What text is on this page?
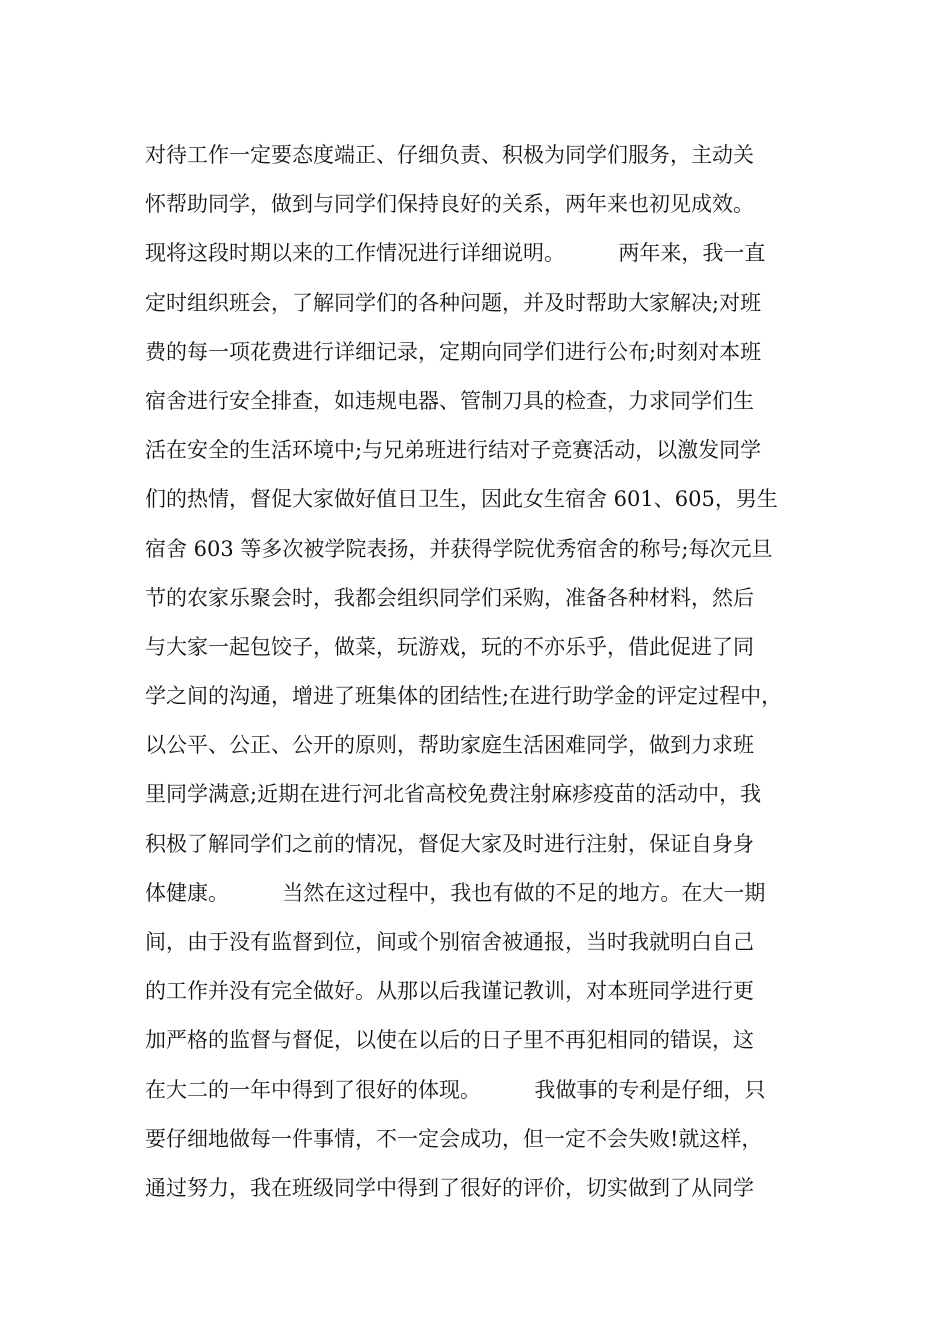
对待工作一定要态度端正、仔细负责、积极为同学们服务，主动关
怀帮助同学，做到与同学们保持良好的关系，两年来也初见成效。
现将这段时期以来的工作情况进行详细说明。        两年来，我一直
定时组织班会，了解同学们的各种问题，并及时帮助大家解决;对班
费的每一项花费进行详细记录，定期向同学们进行公布;时刻对本班
宿舍进行安全排查，如违规电器、管制刀具的检查，力求同学们生
活在安全的生活环境中;与兄弟班进行结对子竞赛活动，以激发同学
们的热情，督促大家做好值日卫生，因此女生宿舍 601、605，男生
宿舍 603 等多次被学院表扬，并获得学院优秀宿舍的称号;每次元旦
节的农家乐聚会时，我都会组织同学们采购，准备各种材料，然后
与大家一起包饺子，做菜，玩游戏，玩的不亦乐乎，借此促进了同
学之间的沟通，增进了班集体的团结性;在进行助学金的评定过程中，
以公平、公正、公开的原则，帮助家庭生活困难同学，做到力求班
里同学满意;近期在进行河北省高校免费注射麻疹疫苗的活动中，我
积极了解同学们之前的情况，督促大家及时进行注射，保证自身身
体健康。        当然在这过程中，我也有做的不足的地方。在大一期
间，由于没有监督到位，间或个别宿舍被通报，当时我就明白自己
的工作并没有完全做好。从那以后我谨记教训，对本班同学进行更
加严格的监督与督促，以使在以后的日子里不再犯相同的错误，这
在大二的一年中得到了很好的体现。        我做事的专利是仔细，只
要仔细地做每一件事情，不一定会成功，但一定不会失败!就这样，
通过努力，我在班级同学中得到了很好的评价，切实做到了从同学
